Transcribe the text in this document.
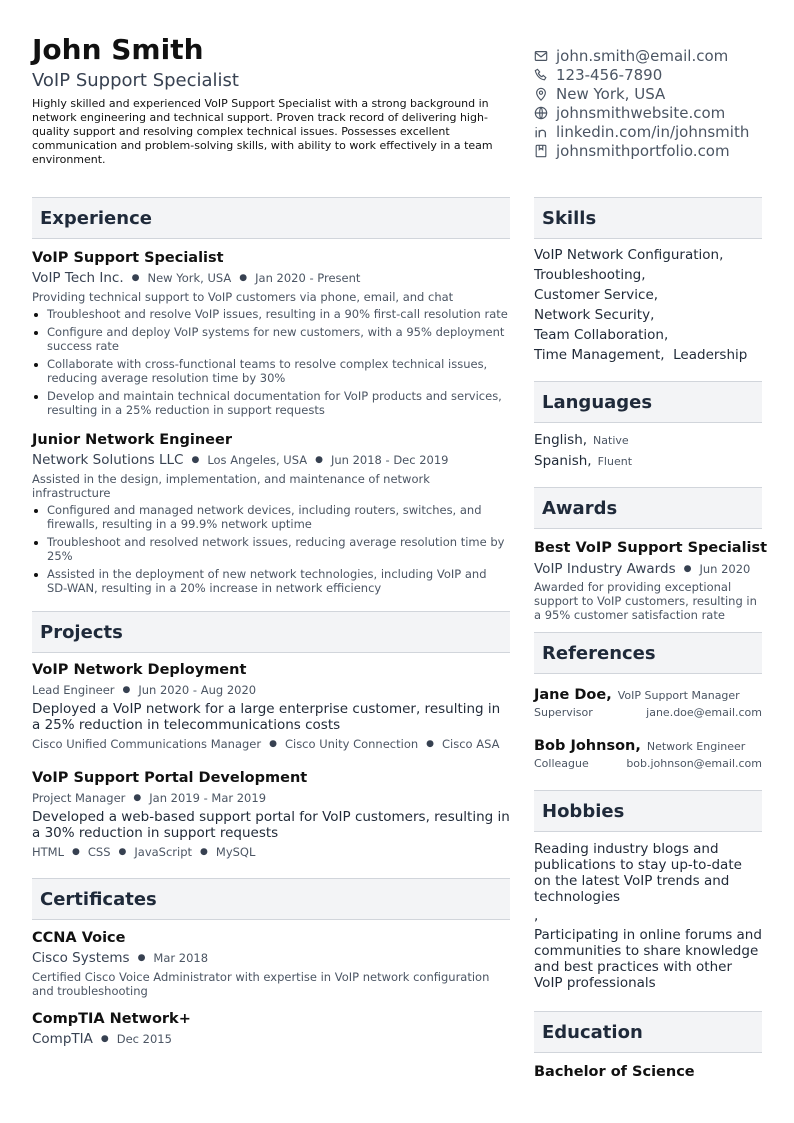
John Smith
VoIP Support Specialist
Highly skilled and experienced VoIP Support Specialist with a strong background in network engineering and technical support. Proven track record of delivering high-quality support and resolving complex technical issues. Possesses excellent communication and problem-solving skills, with ability to work effectively in a team environment.
john.smith@email.com
123-456-7890
New York, USA
johnsmithwebsite.com
linkedin.com/in/johnsmith
johnsmithportfolio.com
Experience
VoIP Support Specialist
VoIP Tech Inc. ● New York, USA ● Jan 2020 - Present
Providing technical support to VoIP customers via phone, email, and chat
Troubleshoot and resolve VoIP issues, resulting in a 90% first-call resolution rate
Configure and deploy VoIP systems for new customers, with a 95% deployment success rate
Collaborate with cross-functional teams to resolve complex technical issues, reducing average resolution time by 30%
Develop and maintain technical documentation for VoIP products and services, resulting in a 25% reduction in support requests
Junior Network Engineer
Network Solutions LLC ● Los Angeles, USA ● Jun 2018 - Dec 2019
Assisted in the design, implementation, and maintenance of network infrastructure
Configured and managed network devices, including routers, switches, and firewalls, resulting in a 99.9% network uptime
Troubleshoot and resolved network issues, reducing average resolution time by 25%
Assisted in the deployment of new network technologies, including VoIP and SD-WAN, resulting in a 20% increase in network efficiency
Projects
VoIP Network Deployment
Lead Engineer ● Jun 2020 - Aug 2020
Deployed a VoIP network for a large enterprise customer, resulting in a 25% reduction in telecommunications costs
Cisco Unified Communications Manager ● Cisco Unity Connection ● Cisco ASA
VoIP Support Portal Development
Project Manager ● Jan 2019 - Mar 2019
Developed a web-based support portal for VoIP customers, resulting in a 30% reduction in support requests
HTML ● CSS ● JavaScript ● MySQL
Certificates
CCNA Voice
Cisco Systems ● Mar 2018
Certified Cisco Voice Administrator with expertise in VoIP network configuration and troubleshooting
CompTIA Network+
CompTIA ● Dec 2015
Skills
VoIP Network Configuration,
Troubleshooting,
Customer Service,
Network Security,
Team Collaboration,
Time Management,  Leadership
Languages
English, Native
Spanish, Fluent
Awards
Best VoIP Support Specialist
VoIP Industry Awards ● Jun 2020
Awarded for providing exceptional support to VoIP customers, resulting in a 95% customer satisfaction rate
References
Jane Doe, VoIP Support Manager
Supervisor	jane.doe@email.com
Bob Johnson, Network Engineer
Colleague	bob.johnson@email.com
Hobbies
Reading industry blogs and publications to stay up-to-date on the latest VoIP trends and technologies
,
Participating in online forums and communities to share knowledge and best practices with other VoIP professionals
Education
Bachelor of Science
